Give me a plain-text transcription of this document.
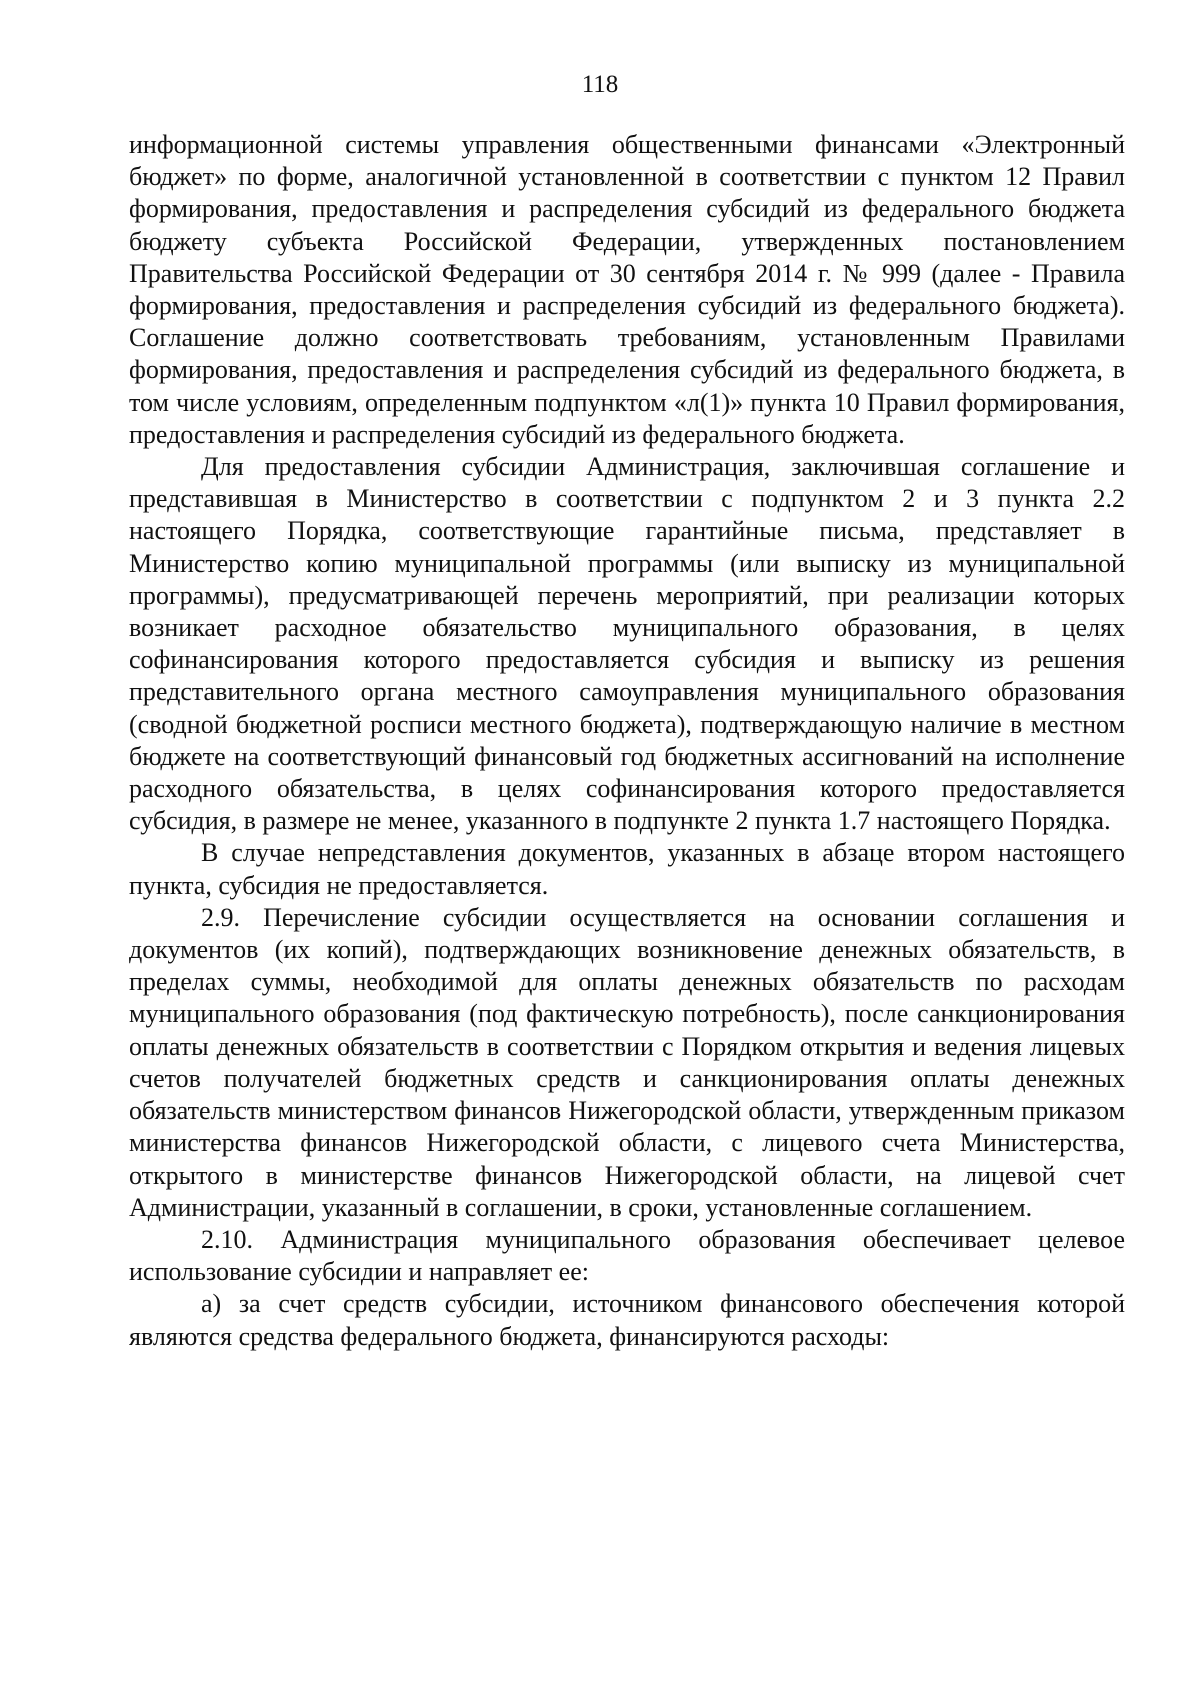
118

информационной системы управления общественными финансами «Электронный бюджет» по форме, аналогичной установленной в соответствии с пунктом 12 Правил формирования, предоставления и распределения субсидий из федерального бюджета бюджету субъекта Российской Федерации, утвержденных постановлением Правительства Российской Федерации от 30 сентября 2014 г. № 999 (далее - Правила формирования, предоставления и распределения субсидий из федерального бюджета). Соглашение должно соответствовать требованиям, установленным Правилами формирования, предоставления и распределения субсидий из федерального бюджета, в том числе условиям, определенным подпунктом «л(1)» пункта 10 Правил формирования, предоставления и распределения субсидий из федерального бюджета.

Для предоставления субсидии Администрация, заключившая соглашение и представившая в Министерство в соответствии с подпунктом 2 и 3 пункта 2.2 настоящего Порядка, соответствующие гарантийные письма, представляет в Министерство копию муниципальной программы (или выписку из муниципальной программы), предусматривающей перечень мероприятий, при реализации которых возникает расходное обязательство муниципального образования, в целях софинансирования которого предоставляется субсидия и выписку из решения представительного органа местного самоуправления муниципального образования (сводной бюджетной росписи местного бюджета), подтверждающую наличие в местном бюджете на соответствующий финансовый год бюджетных ассигнований на исполнение расходного обязательства, в целях софинансирования которого предоставляется субсидия, в размере не менее, указанного в подпункте 2 пункта 1.7 настоящего Порядка.

В случае непредставления документов, указанных в абзаце втором настоящего пункта, субсидия не предоставляется.

2.9. Перечисление субсидии осуществляется на основании соглашения и документов (их копий), подтверждающих возникновение денежных обязательств, в пределах суммы, необходимой для оплаты денежных обязательств по расходам муниципального образования (под фактическую потребность), после санкционирования оплаты денежных обязательств в соответствии с Порядком открытия и ведения лицевых счетов получателей бюджетных средств и санкционирования оплаты денежных обязательств министерством финансов Нижегородской области, утвержденным приказом министерства финансов Нижегородской области, с лицевого счета Министерства, открытого в министерстве финансов Нижегородской области, на лицевой счет Администрации, указанный в соглашении, в сроки, установленные соглашением.

2.10. Администрация муниципального образования обеспечивает целевое использование субсидии и направляет ее:

а) за счет средств субсидии, источником финансового обеспечения которой являются средства федерального бюджета, финансируются расходы:
